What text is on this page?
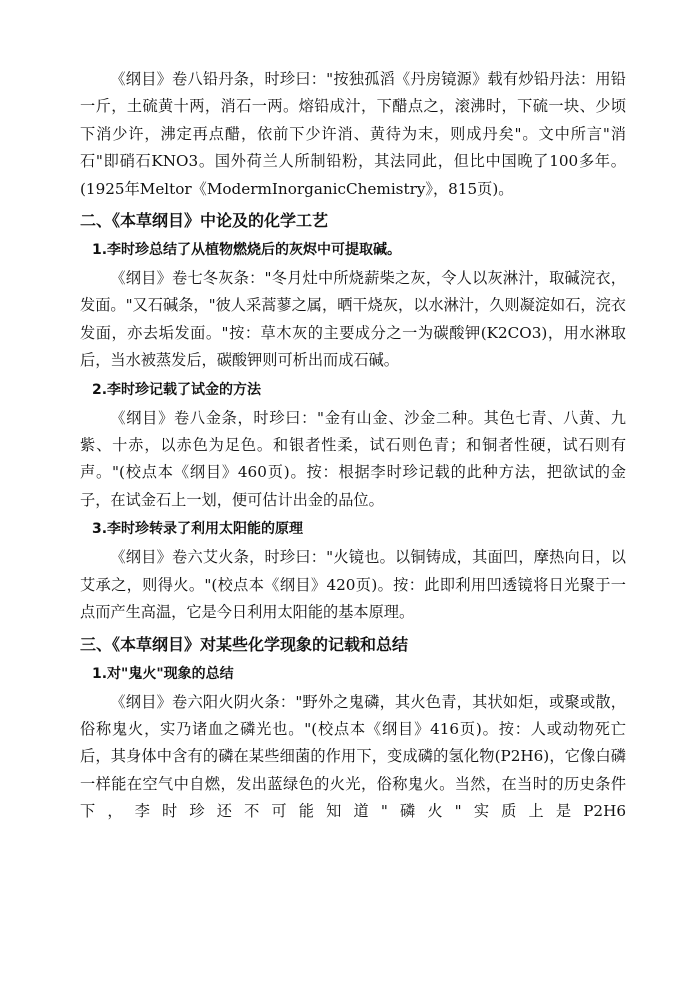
《纲目》卷八铅丹条，时珍曰："按独孤滔《丹房镜源》载有炒铅丹法：用铅一斤，土硫黄十两，消石一两。熔铅成汁，下醋点之，滚沸时，下硫一块、少顷下消少许，沸定再点醋，依前下少许消、黄待为末，则成丹矣"。文中所言"消石"即硝石KNO3。国外荷兰人所制铅粉，其法同此，但比中国晚了100多年。(1925年Meltor《ModermInorganicChemistry》，815页)。

二、《本草纲目》中论及的化学工艺

1.李时珍总结了从植物燃烧后的灰烬中可提取碱。

《纲目》卷七冬灰条："冬月灶中所烧薪柴之灰，令人以灰淋汁，取碱浣衣，发面。"又石碱条，"彼人采蒿蓼之属，晒干烧灰，以水淋汁，久则凝淀如石，浣衣发面，亦去垢发面。"按：草木灰的主要成分之一为碳酸钾(K2CO3)，用水淋取后，当水被蒸发后，碳酸钾则可析出而成石碱。

2.李时珍记载了试金的方法

《纲目》卷八金条，时珍曰："金有山金、沙金二种。其色七青、八黄、九紫、十赤，以赤色为足色。和银者性柔，试石则色青；和铜者性硬，试石则有声。"(校点本《纲目》460页)。按：根据李时珍记载的此种方法，把欲试的金子，在试金石上一划，便可估计出金的品位。

3.李时珍转录了利用太阳能的原理

《纲目》卷六艾火条，时珍曰："火镜也。以铜铸成，其面凹，摩热向日，以艾承之，则得火。"(校点本《纲目》420页)。按：此即利用凹透镜将日光聚于一点而产生高温，它是今日利用太阳能的基本原理。

三、《本草纲目》对某些化学现象的记载和总结

1.对"鬼火"现象的总结

《纲目》卷六阳火阴火条："野外之鬼磷，其火色青，其状如炬，或聚或散，俗称鬼火，实乃诸血之磷光也。"(校点本《纲目》416页)。按：人或动物死亡后，其身体中含有的磷在某些细菌的作用下，变成磷的氢化物(P2H6)，它像白磷一样能在空气中自燃，发出蓝绿色的火光，俗称鬼火。当然，在当时的历史条件下，李时珍还不可能知道"磷火"实质上是P2H6
